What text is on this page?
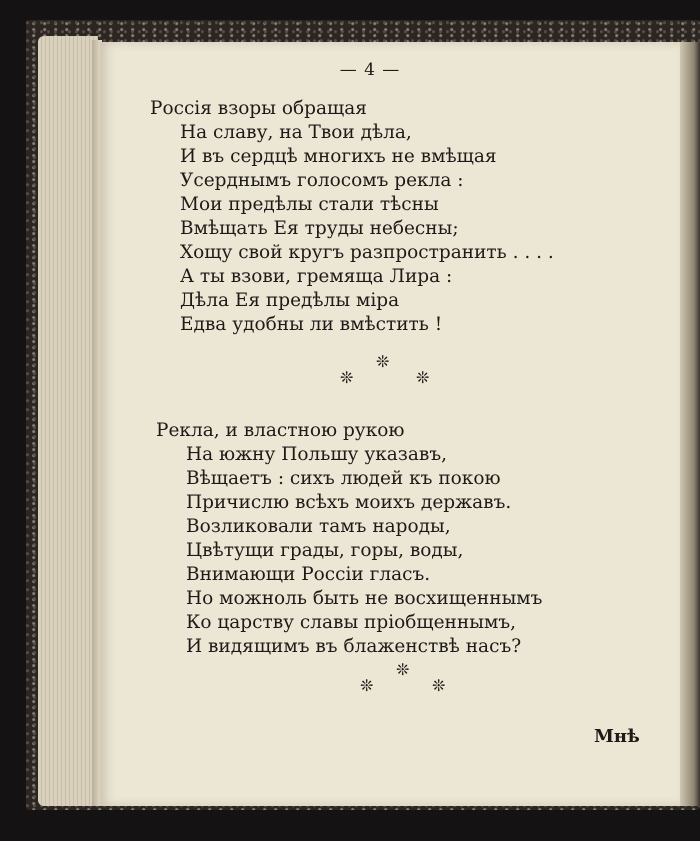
— 4 —
Россія взоры обращая
На славу, на Твои дѣла,
И въ сердцѣ многихъ не вмѣщая
Усерднымъ голосомъ рекла :
Мои предѣлы стали тѣсны
Вмѣщать Ея труды небесны;
Хощу свой кругъ разпространить . . . .
А ты взови, гремяща Лира :
Дѣла Ея предѣлы міра
Едва удобны ли вмѣстить !
❊
❊	❊
Рекла, и властною рукою
На южну Польшу указавъ,
Вѣщаетъ : сихъ людей къ покою
Причислю всѣхъ моихъ державъ.
Возликовали тамъ народы,
Цвѣтущи грады, горы, воды,
Внимающи Россіи гласъ.
Но можноль быть не восхищеннымъ
Ко царству славы пріобщеннымъ,
И видящимъ въ блаженствѣ насъ?
❊
❊	❊
Мнѣ
